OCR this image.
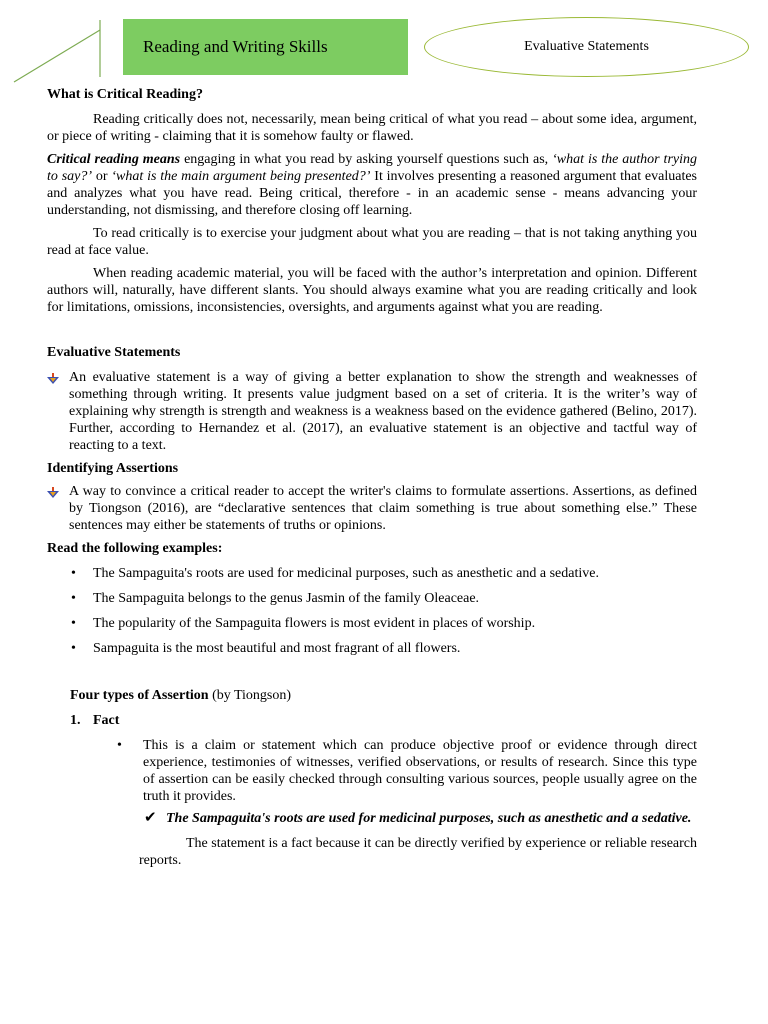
Reading and Writing Skills	Evaluative Statements
What is Critical Reading?

Reading critically does not, necessarily, mean being critical of what you read – about some idea, argument, or piece of writing - claiming that it is somehow faulty or flawed.

Critical reading means engaging in what you read by asking yourself questions such as, ‘what is the author trying to say?’ or ‘what is the main argument being presented?’ It involves presenting a reasoned argument that evaluates and analyzes what you have read. Being critical, therefore - in an academic sense - means advancing your understanding, not dismissing, and therefore closing off learning.

To read critically is to exercise your judgment about what you are reading – that is not taking anything you read at face value.

When reading academic material, you will be faced with the author’s interpretation and opinion. Different authors will, naturally, have different slants. You should always examine what you are reading critically and look for limitations, omissions, inconsistencies, oversights, and arguments against what you are reading.

Evaluative Statements

An evaluative statement is a way of giving a better explanation to show the strength and weaknesses of something through writing. It presents value judgment based on a set of criteria. It is the writer’s way of explaining why strength is strength and weakness is a weakness based on the evidence gathered (Belino, 2017). Further, according to Hernandez et al. (2017), an evaluative statement is an objective and tactful way of reacting to a text.

Identifying Assertions

A way to convince a critical reader to accept the writer's claims to formulate assertions. Assertions, as defined by Tiongson (2016), are “declarative sentences that claim something is true about something else.” These sentences may either be statements of truths or opinions.

Read the following examples:
•	The Sampaguita's roots are used for medicinal purposes, such as anesthetic and a sedative.
•	The Sampaguita belongs to the genus Jasmin of the family Oleaceae.
•	The popularity of the Sampaguita flowers is most evident in places of worship.
•	Sampaguita is the most beautiful and most fragrant of all flowers.

Four types of Assertion (by Tiongson)

1. Fact

•	This is a claim or statement which can produce objective proof or evidence through direct experience, testimonies of witnesses, verified observations, or results of research. Since this type of assertion can be easily checked through consulting various sources, people usually agree on the truth it provides.

✔ The Sampaguita's roots are used for medicinal purposes, such as anesthetic and a sedative.

The statement is a fact because it can be directly verified by experience or reliable research reports.
